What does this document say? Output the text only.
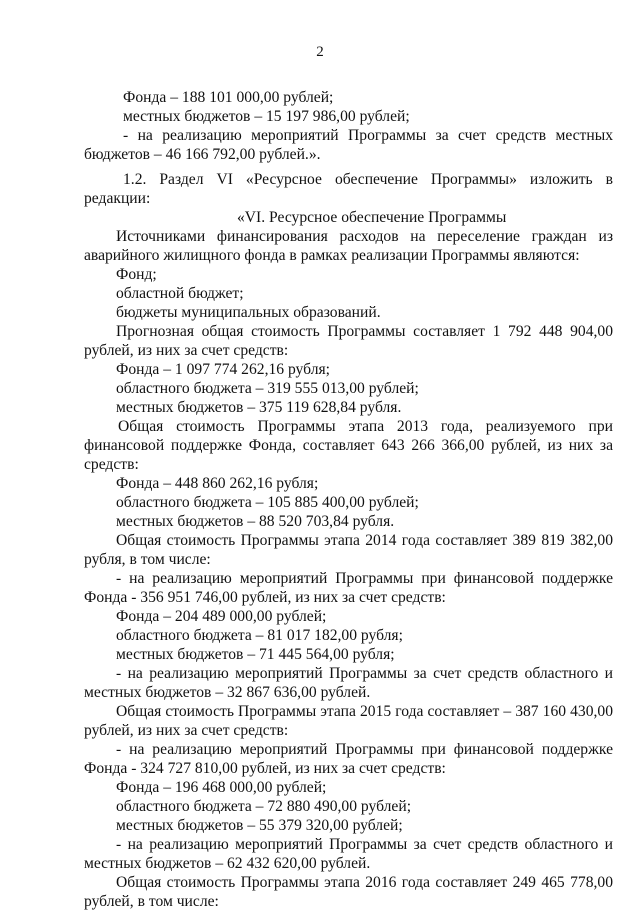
2
Фонда – 188 101 000,00 рублей;
местных бюджетов – 15 197 986,00 рублей;
- на реализацию мероприятий Программы за счет средств местных
бюджетов – 46 166 792,00 рублей.».
1.2. Раздел VI «Ресурсное обеспечение Программы» изложить в
редакции:
«VI. Ресурсное обеспечение Программы
Источниками финансирования расходов на переселение граждан из
аварийного жилищного фонда в рамках реализации Программы являются:
Фонд;
областной бюджет;
бюджеты муниципальных образований.
Прогнозная общая стоимость Программы составляет 1 792 448 904,00
рублей, из них за счет средств:
Фонда – 1 097 774 262,16 рубля;
областного бюджета – 319 555 013,00 рублей;
местных бюджетов – 375 119 628,84 рубля.
Общая стоимость Программы этапа 2013 года, реализуемого при
финансовой поддержке Фонда, составляет 643 266 366,00 рублей, из них за
средств:
Фонда – 448 860 262,16 рубля;
областного бюджета – 105 885 400,00 рублей;
местных бюджетов – 88 520 703,84 рубля.
Общая стоимость Программы этапа 2014 года составляет 389 819 382,00
рубля, в том числе:
- на реализацию мероприятий Программы при финансовой поддержке
Фонда - 356 951 746,00 рублей, из них за счет средств:
Фонда – 204 489 000,00 рублей;
областного бюджета – 81 017 182,00 рубля;
местных бюджетов – 71 445 564,00 рубля;
- на реализацию мероприятий Программы за счет средств областного и
местных бюджетов – 32 867 636,00 рублей.
Общая стоимость Программы этапа 2015 года составляет – 387 160 430,00
рублей, из них за счет средств:
- на реализацию мероприятий Программы при финансовой поддержке
Фонда - 324 727 810,00 рублей, из них за счет средств:
Фонда – 196 468 000,00 рублей;
областного бюджета – 72 880 490,00 рублей;
местных бюджетов – 55 379 320,00 рублей;
- на реализацию мероприятий Программы за счет средств областного и
местных бюджетов – 62 432 620,00 рублей.
Общая стоимость Программы этапа 2016 года составляет 249 465 778,00
рублей, в том числе:
